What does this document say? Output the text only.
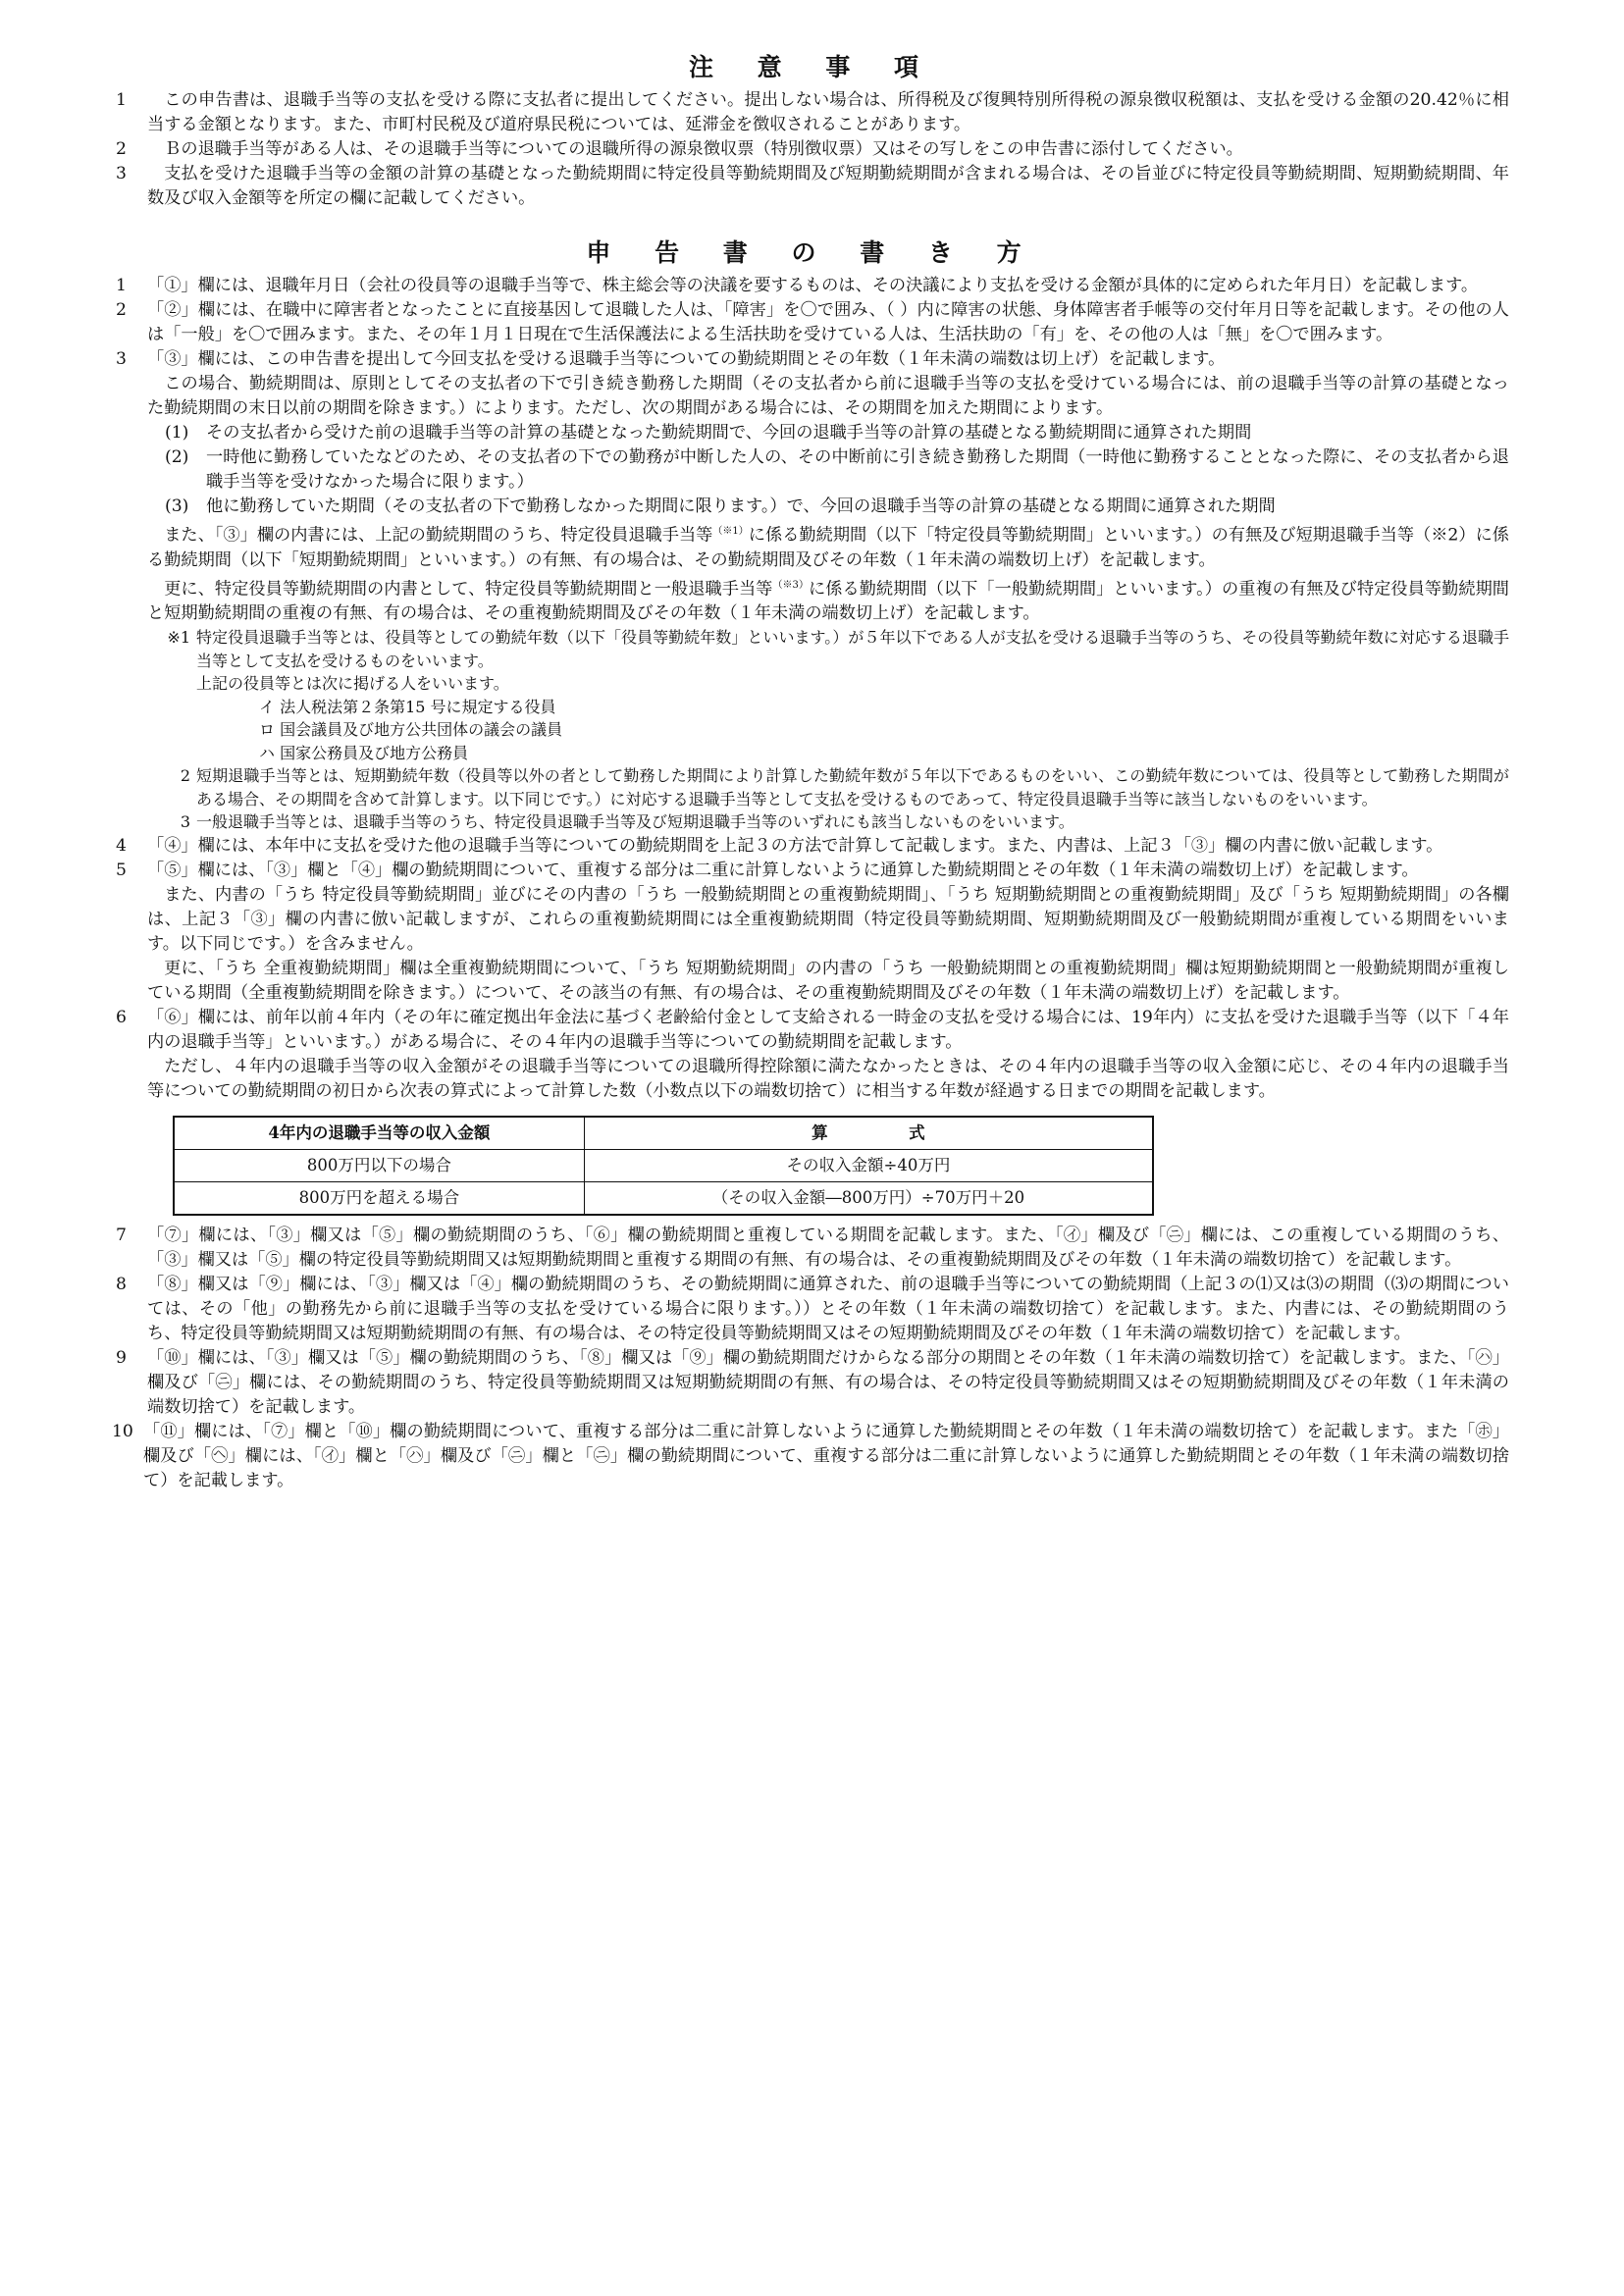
注 意 事 項
1	この申告書は、退職手当等の支払を受ける際に支払者に提出してください。提出しない場合は、所得税及び復興特別所得税の源泉徴収税額は、支払を受ける金額の20.42％に相当する金額となります。また、市町村民税及び道府県民税については、延滞金を徴収されることがあります。

2	Ｂの退職手当等がある人は、その退職手当等についての退職所得の源泉徴収票（特別徴収票）又はその写しをこの申告書に添付してください。

3	支払を受けた退職手当等の金額の計算の基礎となった勤続期間に特定役員等勤続期間及び短期勤続期間が含まれる場合は、その旨並びに特定役員等勤続期間、短期勤続期間、年数及び収入金額等を所定の欄に記載してください。

申 告 書 の 書 き 方
1	「①」欄には、退職年月日（会社の役員等の退職手当等で、株主総会等の決議を要するものは、その決議により支払を受ける金額が具体的に定められた年月日）を記載します。

2	「②」欄には、在職中に障害者となったことに直接基因して退職した人は、「障害」を〇で囲み、（ ）内に障害の状態、身体障害者手帳等の交付年月日等を記載します。その他の人は「一般」を〇で囲みます。また、その年１月１日現在で生活保護法による生活扶助を受けている人は、生活扶助の「有」を、その他の人は「無」を〇で囲みます。

3	「③」欄には、この申告書を提出して今回支払を受ける退職手当等についての勤続期間とその年数（１年未満の端数は切上げ）を記載します。

この場合、勤続期間は、原則としてその支払者の下で引き続き勤務した期間（その支払者から前に退職手当等の支払を受けている場合には、前の退職手当等の計算の基礎となった勤続期間の末日以前の期間を除きます。）によります。ただし、次の期間がある場合には、その期間を加えた期間によります。

(1)	その支払者から受けた前の退職手当等の計算の基礎となった勤続期間で、今回の退職手当等の計算の基礎となる勤続期間に通算された期間
(2)	一時他に勤務していたなどのため、その支払者の下での勤務が中断した人の、その中断前に引き続き勤務した期間（一時他に勤務することとなった際に、その支払者から退職手当等を受けなかった場合に限ります。）
(3)	他に勤務していた期間（その支払者の下で勤務しなかった期間に限ります。）で、今回の退職手当等の計算の基礎となる期間に通算された期間

また、「③」欄の内書には、上記の勤続期間のうち、特定役員退職手当等$^{(※1)}$に係る勤続期間（以下「特定役員等勤続期間」といいます。）の有無及び短期退職手当等（※2）に係る勤続期間（以下「短期勤続期間」といいます。）の有無、有の場合は、その勤続期間及びその年数（１年未満の端数切上げ）を記載します。

更に、特定役員等勤続期間の内書として、特定役員等勤続期間と一般退職手当等$^{(※3)}$に係る勤続期間（以下「一般勤続期間」といいます。）の重複の有無及び特定役員等勤続期間と短期勤続期間の重複の有無、有の場合は、その重複勤続期間及びその年数（１年未満の端数切上げ）を記載します。

※1 特定役員退職手当等とは、役員等としての勤続年数（以下「役員等勤続年数」といいます。）が５年以下である人が支払を受ける退職手当等のうち、その役員等勤続年数に対応する退職手当等として支払を受けるものをいいます。
上記の役員等とは次に掲げる人をいいます。
イ 法人税法第２条第15 号に規定する役員
ロ 国会議員及び地方公共団体の議会の議員
ハ 国家公務員及び地方公務員
2 短期退職手当等とは、短期勤続年数（役員等以外の者として勤務した期間により計算した勤続年数が５年以下であるものをいい、この勤続年数については、役員等として勤務した期間がある場合、その期間を含めて計算します。以下同じです。）に対応する退職手当等として支払を受けるものであって、特定役員退職手当等に該当しないものをいいます。
3 一般退職手当等とは、退職手当等のうち、特定役員退職手当等及び短期退職手当等のいずれにも該当しないものをいいます。
4	「④」欄には、本年中に支払を受けた他の退職手当等についての勤続期間を上記３の方法で計算して記載します。また、内書は、上記３「③」欄の内書に倣い記載します。

5	「⑤」欄には、「③」欄と「④」欄の勤続期間について、重複する部分は二重に計算しないように通算した勤続期間とその年数（１年未満の端数切上げ）を記載します。

また、内書の「うち 特定役員等勤続期間」並びにその内書の「うち 一般勤続期間との重複勤続期間」、「うち 短期勤続期間との重複勤続期間」及び「うち 短期勤続期間」の各欄は、上記３「③」欄の内書に倣い記載しますが、これらの重複勤続期間には全重複勤続期間（特定役員等勤続期間、短期勤続期間及び一般勤続期間が重複している期間をいいます。以下同じです。）を含みません。

更に、「うち 全重複勤続期間」欄は全重複勤続期間について、「うち 短期勤続期間」の内書の「うち 一般勤続期間との重複勤続期間」欄は短期勤続期間と一般勤続期間が重複している期間（全重複勤続期間を除きます。）について、その該当の有無、有の場合は、その重複勤続期間及びその年数（１年未満の端数切上げ）を記載します。

6	「⑥」欄には、前年以前４年内（その年に確定拠出年金法に基づく老齢給付金として支給される一時金の支払を受ける場合には、19年内）に支払を受けた退職手当等（以下「４年内の退職手当等」といいます。）がある場合に、その４年内の退職手当等についての勤続期間を記載します。

ただし、４年内の退職手当等の収入金額がその退職手当等についての退職所得控除額に満たなかったときは、その４年内の退職手当等の収入金額に応じ、その４年内の退職手当等についての勤続期間の初日から次表の算式によって計算した数（小数点以下の端数切捨て）に相当する年数が経過する日までの期間を記載します。

4年内の退職手当等の収入金額	算　　　　　式
800万円以下の場合	その収入金額÷40万円
800万円を超える場合	（その収入金額―800万円）÷70万円＋20
7	「⑦」欄には、「③」欄又は「⑤」欄の勤続期間のうち、「⑥」欄の勤続期間と重複している期間を記載します。また、「㋑」欄及び「㋥」欄には、この重複している期間のうち、「③」欄又は「⑤」欄の特定役員等勤続期間又は短期勤続期間と重複する期間の有無、有の場合は、その重複勤続期間及びその年数（１年未満の端数切捨て）を記載します。

8	「⑧」欄又は「⑨」欄には、「③」欄又は「④」欄の勤続期間のうち、その勤続期間に通算された、前の退職手当等についての勤続期間（上記３の⑴又は⑶の期間（⑶の期間については、その「他」の勤務先から前に退職手当等の支払を受けている場合に限ります。））とその年数（１年未満の端数切捨て）を記載します。また、内書には、その勤続期間のうち、特定役員等勤続期間又は短期勤続期間の有無、有の場合は、その特定役員等勤続期間又はその短期勤続期間及びその年数（１年未満の端数切捨て）を記載します。

9	「⑩」欄には、「③」欄又は「⑤」欄の勤続期間のうち、「⑧」欄又は「⑨」欄の勤続期間だけからなる部分の期間とその年数（１年未満の端数切捨て）を記載します。また、「㋩」欄及び「㋥」欄には、その勤続期間のうち、特定役員等勤続期間又は短期勤続期間の有無、有の場合は、その特定役員等勤続期間又はその短期勤続期間及びその年数（１年未満の端数切捨て）を記載します。

10 「⑪」欄には、「⑦」欄と「⑩」欄の勤続期間について、重複する部分は二重に計算しないように通算した勤続期間とその年数（１年未満の端数切捨て）を記載します。また「㋭」欄及び「㋬」欄には、「㋑」欄と「㋩」欄及び「㋥」欄と「㋥」欄の勤続期間について、重複する部分は二重に計算しないように通算した勤続期間とその年数（１年未満の端数切捨て）を記載します。
